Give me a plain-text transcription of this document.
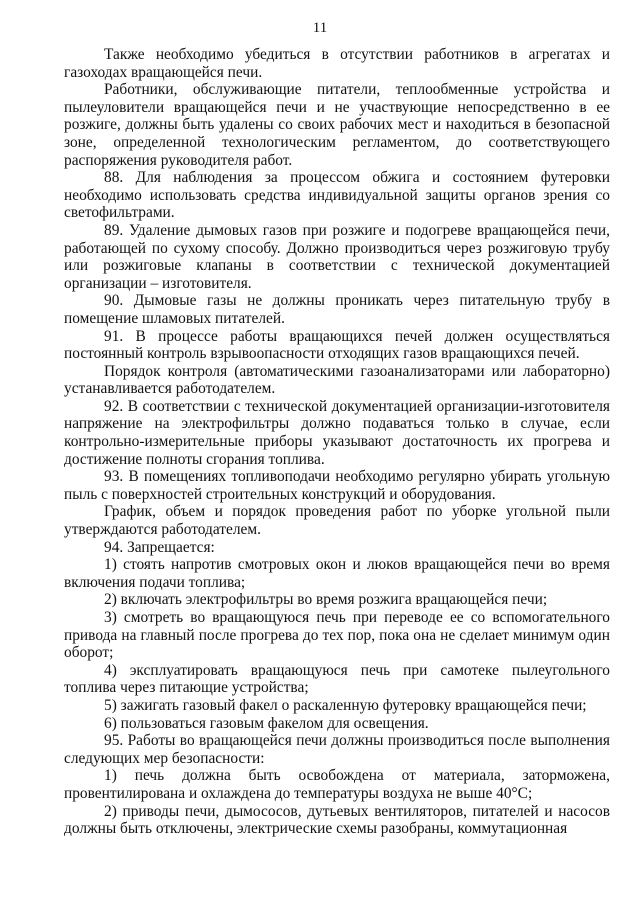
11

Также необходимо убедиться в отсутствии работников в агрегатах и газоходах вращающейся печи.

Работники, обслуживающие питатели, теплообменные устройства и пылеуловители вращающейся печи и не участвующие непосредственно в ее розжиге, должны быть удалены со своих рабочих мест и находиться в безопасной зоне, определенной технологическим регламентом, до соответствующего распоряжения руководителя работ.

88. Для наблюдения за процессом обжига и состоянием футеровки необходимо использовать средства индивидуальной защиты органов зрения со светофильтрами.

89. Удаление дымовых газов при розжиге и подогреве вращающейся печи, работающей по сухому способу. Должно производиться через розжиговую трубу или розжиговые клапаны в соответствии с технической документацией организации – изготовителя.

90. Дымовые газы не должны проникать через питательную трубу в помещение шламовых питателей.

91. В процессе работы вращающихся печей должен осуществляться постоянный контроль взрывоопасности отходящих газов вращающихся печей.

Порядок контроля (автоматическими газоанализаторами или лабораторно) устанавливается работодателем.

92. В соответствии с технической документацией организации-изготовителя напряжение на электрофильтры должно подаваться только в случае, если контрольно-измерительные приборы указывают достаточность их прогрева и достижение полноты сгорания топлива.

93. В помещениях топливоподачи необходимо регулярно убирать угольную пыль с поверхностей строительных конструкций и оборудования.

График, объем и порядок проведения работ по уборке угольной пыли утверждаются работодателем.

94. Запрещается:

1) стоять напротив смотровых окон и люков вращающейся печи во время включения подачи топлива;

2) включать электрофильтры во время розжига вращающейся печи;

3) смотреть во вращающуюся печь при переводе ее со вспомогательного привода на главный после прогрева до тех пор, пока она не сделает минимум один оборот;

4) эксплуатировать вращающуюся печь при самотеке пылеугольного топлива через питающие устройства;

5) зажигать газовый факел о раскаленную футеровку вращающейся печи;

6) пользоваться газовым факелом для освещения.

95. Работы во вращающейся печи должны производиться после выполнения следующих мер безопасности:

1) печь должна быть освобождена от материала, заторможена, провентилирована и охлаждена до температуры воздуха не выше 40°C;

2) приводы печи, дымососов, дутьевых вентиляторов, питателей и насосов должны быть отключены, электрические схемы разобраны, коммутационная
